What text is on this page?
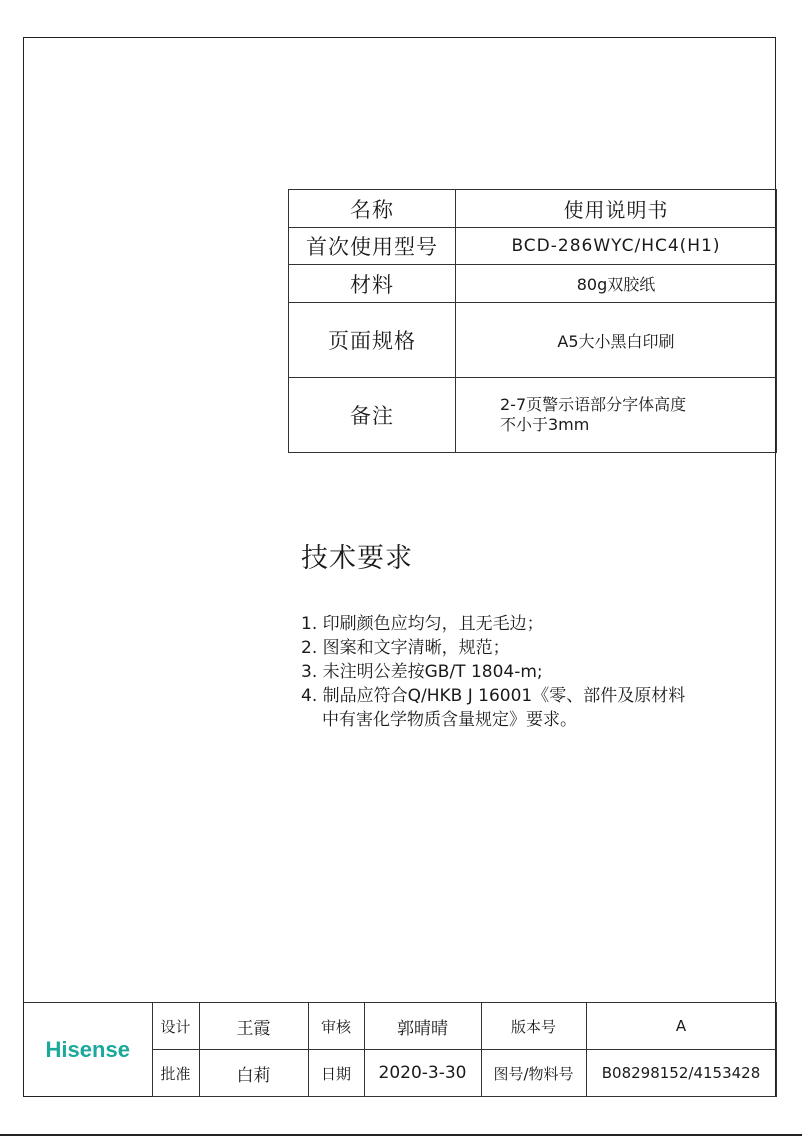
名称	使用说明书
首次使用型号	BCD-286WYC/HC4(H1)
材料	80g双胶纸
页面规格	A5大小黑白印刷
备注	2-7页警示语部分字体高度
不小于3mm
技术要求
1. 印刷颜色应均匀，且无毛边；
2. 图案和文字清晰，规范；
3. 未注明公差按GB/T 1804-m;
4. 制品应符合Q/HKB J 16001《零、部件及原材料
中有害化学物质含量规定》要求。
Hisense	设计	王霞	审核	郭晴晴	版本号	A
	批准	白莉	日期	2020-3-30	图号/物料号	B08298152/4153428
